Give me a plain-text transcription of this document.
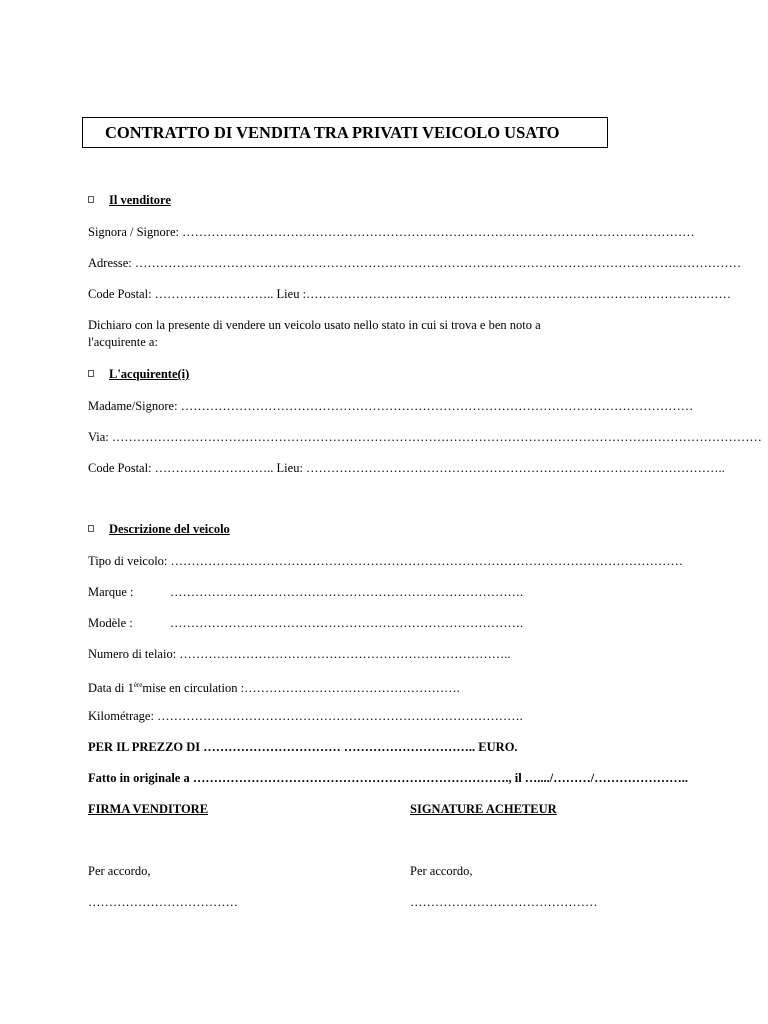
CONTRATTO DI VENDITA TRA PRIVATI VEICOLO USATO
Il venditore
Signora / Signore: ……………………………………………………………………………………………………………
Adresse: …………………………………………………………………………………………………………………..……………
Code Postal: ……………………….. Lieu :…………………………………………………………………………………………
Dichiaro con la presente di vendere un veicolo usato nello stato in cui si trova e ben noto a l'acquirente a:
L'acquirente(i)
Madame/Signore: ……………………………………………………………………………………………………………
Via: …………………………………………………………………………………………………………………………………………
Code Postal: ……………………….. Lieu: ………………………………………………………………………………………..
Descrizione del veicolo
Tipo di veicolo: ……………………………………………………………………………………………………………
Marque :	………………………………………………………………………….
Modèle :	………………………………………………………………………….
Numero di telaio: ……………………………………………………………………..
Data di 1èremise en circulation :…………………………………………….
Kilométrage: …………………………………………………………………………….
PER IL PREZZO DI …………………………… ………………………….. EURO.
Fatto in originale a …………………………………………………………………., il …..../………/…………………..
FIRMA VENDITORE	SIGNATURE ACHETEUR
Per accordo,	Per accordo,
………………………………	………………………………………
